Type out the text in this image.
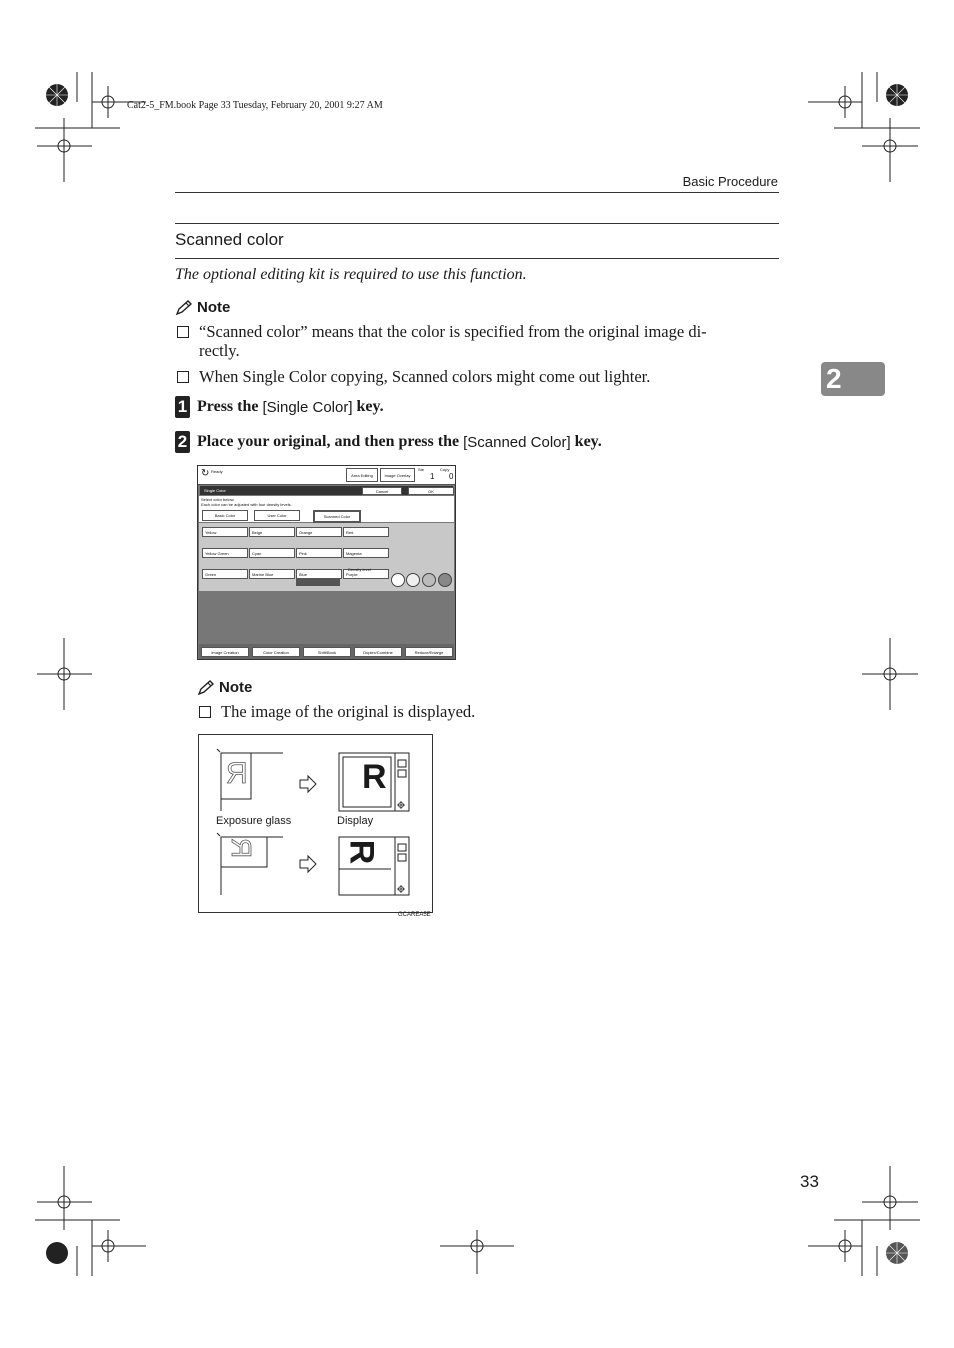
Cat2-5_FM.book Page 33 Tuesday, February 20, 2001 9:27 AM
Basic Procedure
2
Scanned color
The optional editing kit is required to use this function.
Note
“Scanned color” means that the color is specified from the original image di-
rectly.
When Single Color copying, Scanned colors might come out lighter.
1 Press the [Single Color] key.
2 Place your original, and then press the [Scanned Color] key.
↻ Ready
Area Editing	Image Overlay
Ste
1
Copy
0
Single Color	Cancel	OK
Select color below.
Each color can be adjusted with four density levels.
Basic Color	User Color	Scanned Color
Yellow	Beige	Orange	Red
Yellow Green	Cyan	Pink	Magenta
Green	Marine Blue	Blue	Purple
Density level
Image Creation	Color Creation	Shift/Book	Duplex/Combine	Reduce/Enlarge
Note
The image of the original is displayed.
R	R
R	R
Exposure glass	Display
GCAREA5E
33
